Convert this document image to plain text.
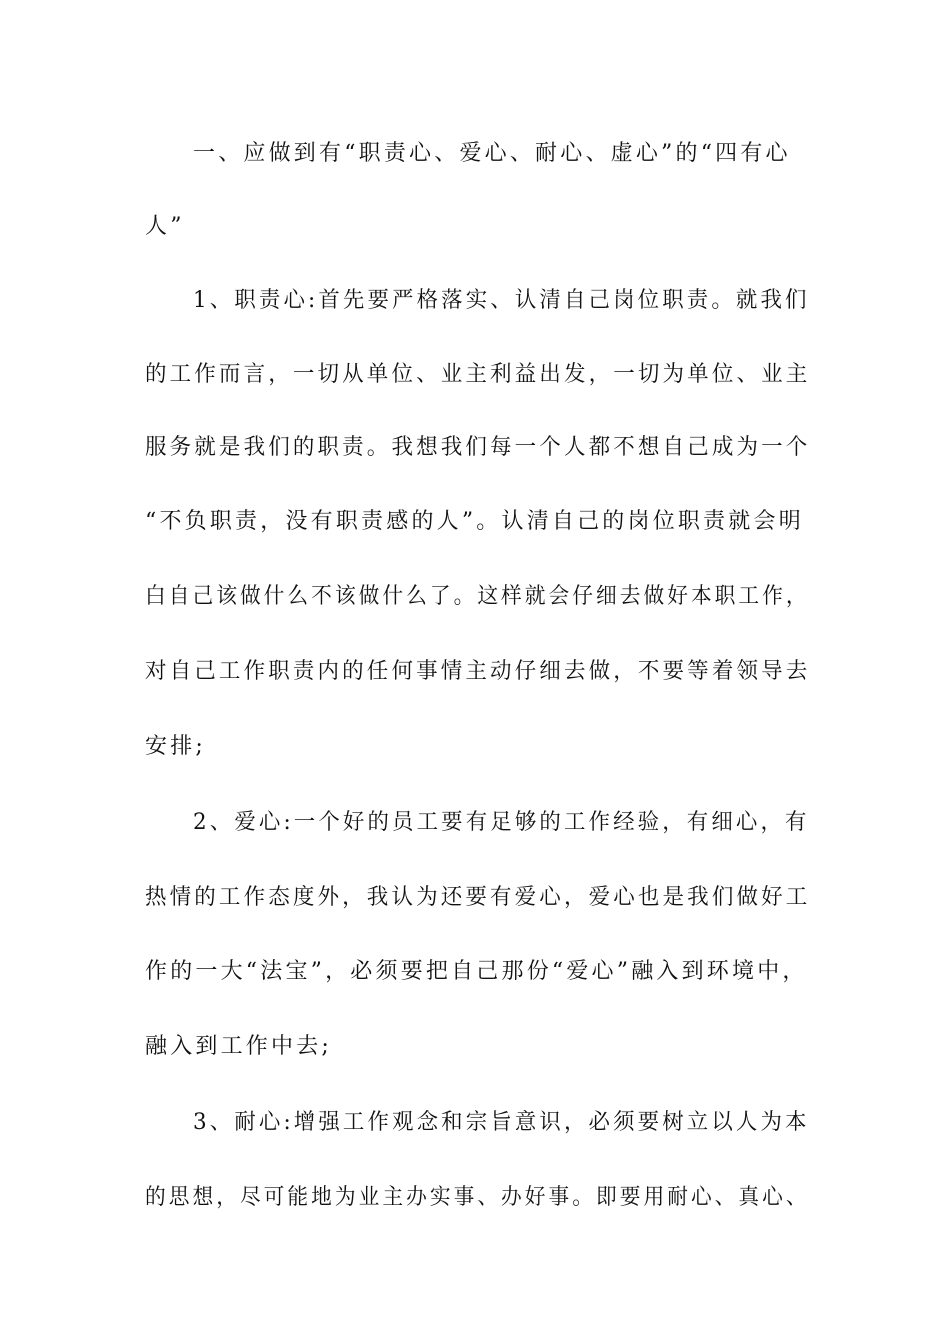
一、应做到有“职责心、爱心、耐心、虚心”的“四有心
人”
1、职责心:首先要严格落实、认清自己岗位职责。就我们
的工作而言，一切从单位、业主利益出发，一切为单位、业主
服务就是我们的职责。我想我们每一个人都不想自己成为一个
“不负职责，没有职责感的人”。认清自己的岗位职责就会明
白自己该做什么不该做什么了。这样就会仔细去做好本职工作，
对自己工作职责内的任何事情主动仔细去做，不要等着领导去
安排;
2、爱心:一个好的员工要有足够的工作经验，有细心，有
热情的工作态度外，我认为还要有爱心，爱心也是我们做好工
作的一大“法宝”，必须要把自己那份“爱心”融入到环境中，
融入到工作中去;
3、耐心:增强工作观念和宗旨意识，必须要树立以人为本
的思想，尽可能地为业主办实事、办好事。即要用耐心、真心、
